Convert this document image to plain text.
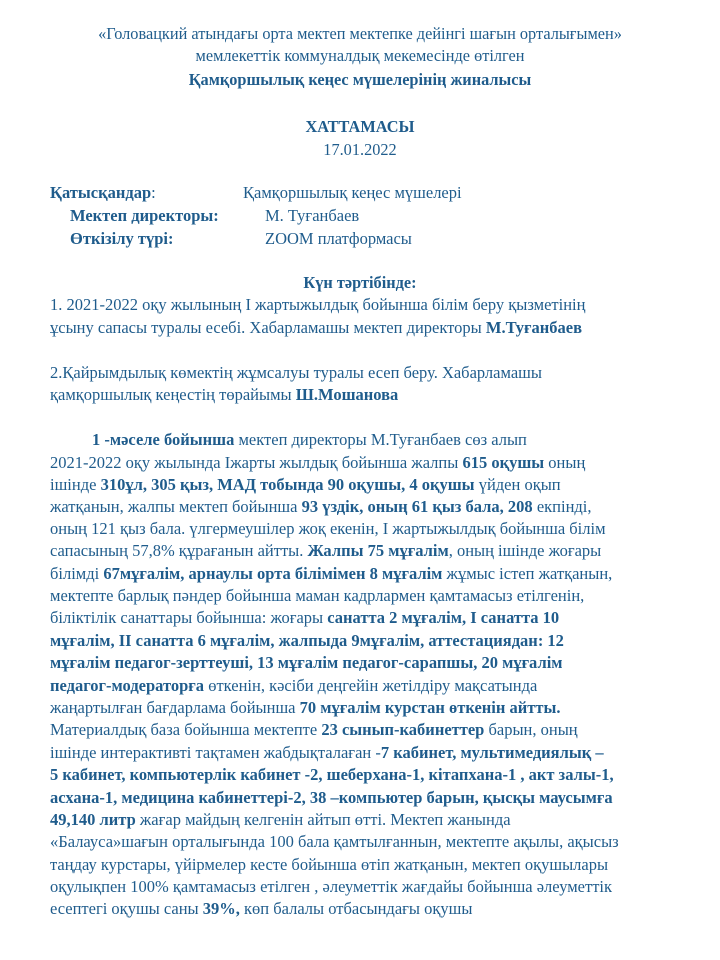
«Головацкий атындағы орта мектеп мектепке дейінгі шағын орталығымен»
мемлекеттік коммуналдық мекемесінде өтілген
Қамқоршылық кеңес мүшелерінің жиналысы
ХАТТАМАСЫ
17.01.2022
Қатысқандар:	Қамқоршылық кеңес мүшелері
Мектеп директоры:	М. Туғанбаев
Өткізілу түрі:	ZOOM платформасы
Күн тәртібінде:
1. 2021-2022 оқу жылының I жартыжылдық бойынша білім беру қызметінің
ұсыну сапасы туралы есебі. Хабарламашы мектеп директоры М.Туғанбаев
2.Қайрымдылық көмектің жұмсалуы туралы есеп беру. Хабарламашы
қамқоршылық кеңестің төрайымы Ш.Мошанова

1 -мәселе бойынша мектеп директоры М.Туғанбаев сөз алып

2021-2022 оқу жылында Іжарты жылдық бойынша жалпы 615 оқушы оның

ішінде 310ұл, 305 қыз, МАД тобында 90 оқушы, 4 оқушы үйден оқып

жатқанын, жалпы мектеп бойынша 93 үздік, оның 61 қыз бала, 208 екпінді,

оның 121 қыз бала. үлгермеушілер жоқ екенін, I жартыжылдық бойынша білім

сапасының 57,8% құрағанын айтты. Жалпы 75 мұғалім, оның ішінде жоғары

білімді 67мұғалім, арнаулы орта білімімен 8 мұғалім жұмыс істеп жатқанын,

мектепте барлық пәндер бойынша маман кадрлармен қамтамасыз етілгенін,

біліктілік санаттары бойынша: жоғары санатта 2 мұғалім, I санатта 10

мұғалім, II санатта 6 мұғалім, жалпыда 9мұғалім, аттестациядан: 12

мұғалім педагог-зерттеуші, 13 мұғалім педагог-сарапшы, 20 мұғалім

педагог-модераторға өткенін, кәсіби деңгейін жетілдіру мақсатында

жаңартылған бағдарлама бойынша 70 мұғалім курстан өткенін айтты.

Материалдық база бойынша мектепте 23 сынып-кабинеттер барын, оның

ішінде интерактивті тақтамен жабдықталаған -7 кабинет, мультимедиялық –

5 кабинет, компьютерлік кабинет -2, шеберхана-1, кітапхана-1 , акт залы-1,

асхана-1, медицина кабинеттері-2, 38 –компьютер барын, қысқы маусымға

49,140 литр жағар майдың келгенін айтып өтті. Мектеп жанында

«Балауса»шағын орталығында 100 бала қамтылғаннын, мектепте ақылы, ақысыз

таңдау курстары, үйірмелер кесте бойынша өтіп жатқанын, мектеп оқушылары

оқулықпен 100% қамтамасыз етілген , әлеуметтік жағдайы бойынша әлеуметтік

есептегі оқушы саны 39%, көп балалы отбасындағы оқушы
